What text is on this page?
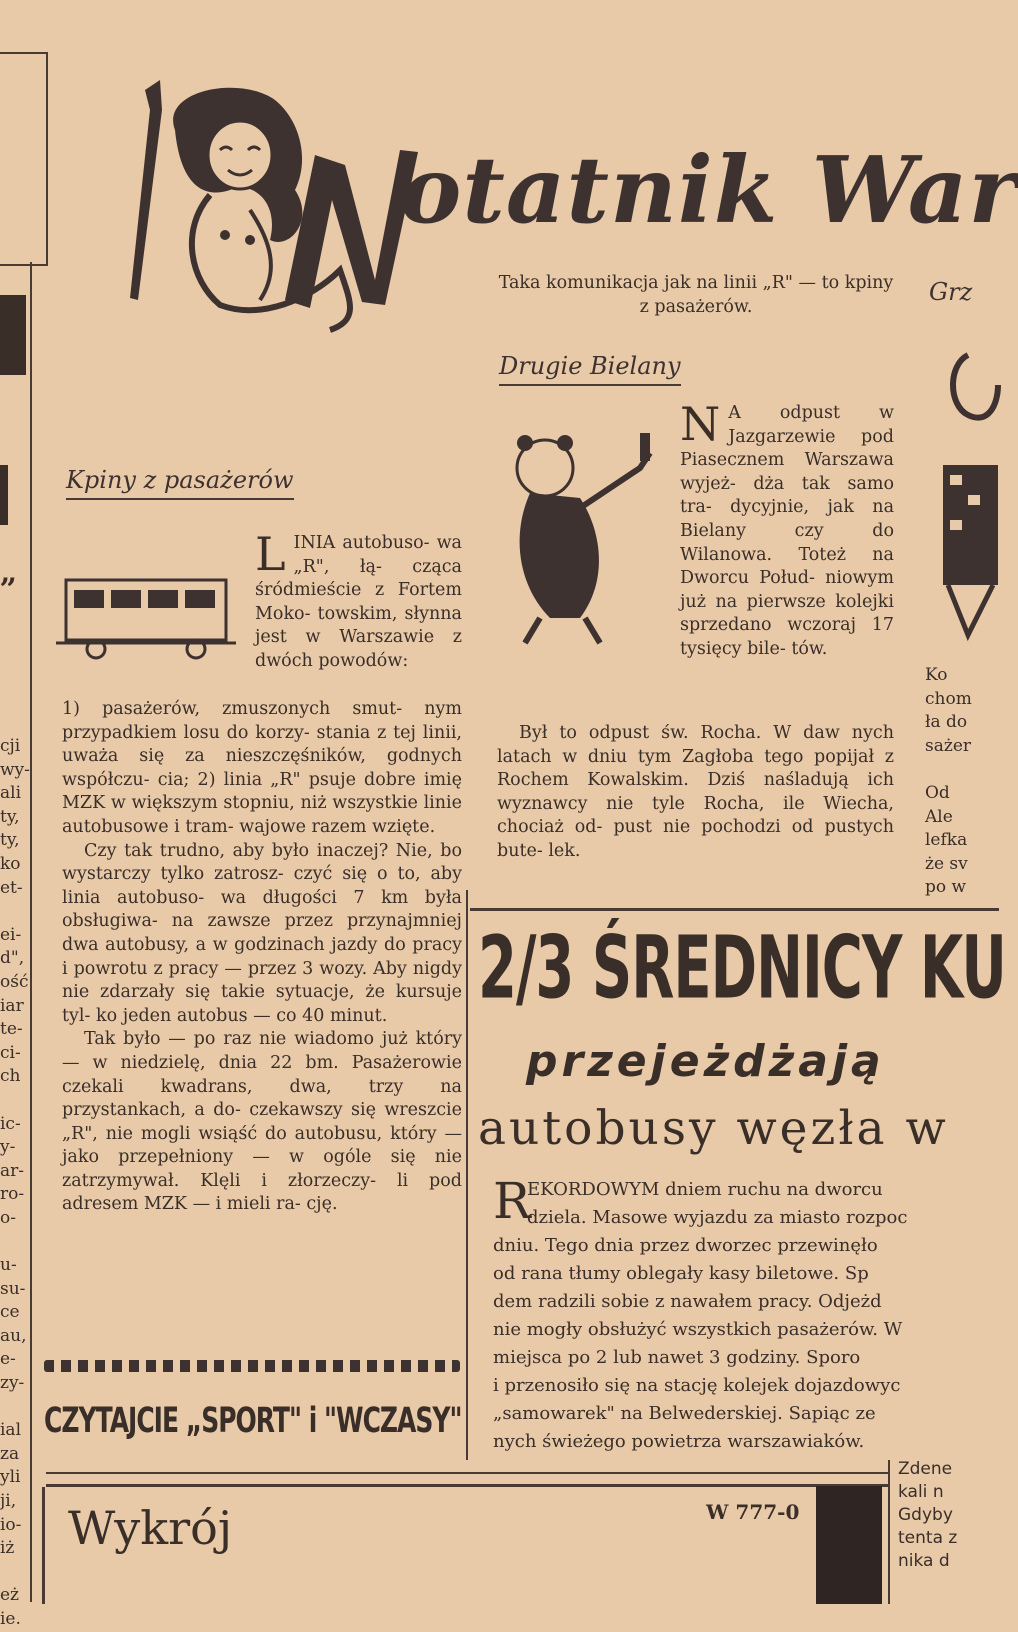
„
cji
wy-
ali
ty,
ty,
ko
et-

ei-
d",
ość
iar
te-
ci-
ch

ic-
y-
ar-
ro-
o-

u-
su-
ce
au,
e-
zy-

ial
za
yli
ji,
io-
iż

eż
ie.
otatnik War
Kpiny z pasażerów

LINIA autobuso- wa „R", łą- cząca śródmieście z Fortem Moko- towskim, słynna jest w Warszawie z dwóch powodów:

1) pasażerów, zmuszonych smut- nym przypadkiem losu do korzy- stania z tej linii, uważa się za nieszczęśników, godnych współczu- cia; 2) linia „R" psuje dobre imię MZK w większym stopniu, niż wszystkie linie autobusowe i tram- wajowe razem wzięte.

Czy tak trudno, aby było inaczej? Nie, bo wystarczy tylko zatrosz- czyć się o to, aby linia autobuso- wa długości 7 km była obsługiwa- na zawsze przez przynajmniej dwa autobusy, a w godzinach jazdy do pracy i powrotu z pracy — przez 3 wozy. Aby nigdy nie zdarzały się takie sytuacje, że kursuje tyl- ko jeden autobus — co 40 minut.

Tak było — po raz nie wiadomo już który — w niedzielę, dnia 22 bm. Pasażerowie czekali kwadrans, dwa, trzy na przystankach, a do- czekawszy się wreszcie „R", nie mogli wsiąść do autobusu, który — jako przepełniony — w ogóle się nie zatrzymywał. Klęli i złorzeczy- li pod adresem MZK — i mieli ra- cję.

CZYTAJCIE „SPORT" i "WCZASY"

Taka komunikacja jak na linii „R" — to kpiny z pasażerów.

Drugie Bielany

N A odpust w Jazgarzewie pod Piasecznem Warszawa wyjeż- dża tak samo tra- dycyjnie, jak na Bielany czy do Wilanowa. Toteż na Dworcu Połud- niowym już na pierwsze kolejki sprzedano wczoraj 17 tysięcy bile- tów.

Był to odpust św. Rocha. W daw nych latach w dniu tym Zagłoba tego popijał z Rochem Kowalskim. Dziś naśladują ich wyznawcy nie tyle Rocha, ile Wiecha, chociaż od- pust nie pochodzi od pustych bute- lek.

Grz
Ko
chom
ła do
sażer

Od
Ale
lefka
że sv
po w
2/3 ŚREDNICY KU
przejeżdżają
autobusy węzła w
R
EKORDOWYM dniem ruchu na dworcu
dziela. Masowe wyjazdu za miasto rozpoc
dniu. Tego dnia przez dworzec przewinęło
od rana tłumy oblegały kasy biletowe. Sp
dem radzili sobie z nawałem pracy. Odjeżd
nie mogły obsłużyć wszystkich pasażerów. W
miejsca po 2 lub nawet 3 godziny. Sporo
i przenosiło się na stację kolejek dojazdowyc
„samowarek" na Belwederskiej. Sapiąc ze
nych świeżego powietrza warszawiaków.
Wykrój	W 777-0
Zdene
kali n
Gdyby
tenta z
nika d
